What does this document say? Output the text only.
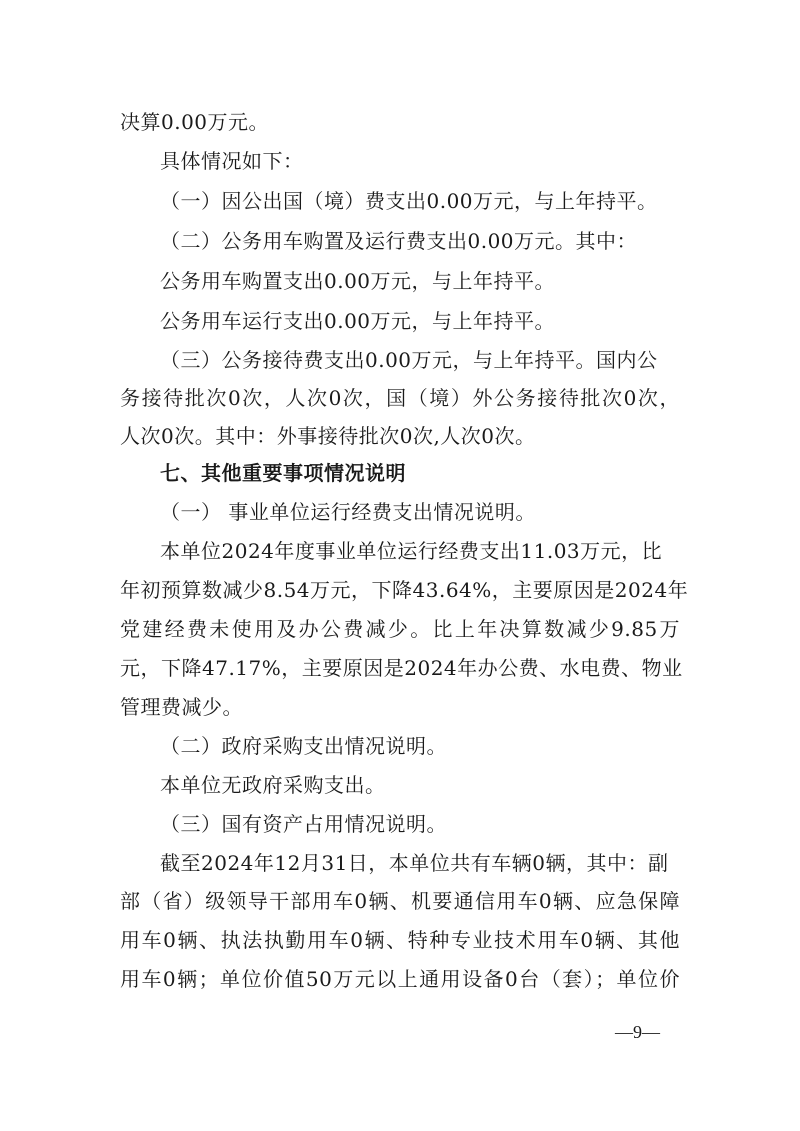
决算0.00万元。
具体情况如下：
（一）因公出国（境）费支出0.00万元，与上年持平。
（二）公务用车购置及运行费支出0.00万元。其中：
公务用车购置支出0.00万元，与上年持平。
公务用车运行支出0.00万元，与上年持平。
（三）公务接待费支出0.00万元，与上年持平。国内公
务接待批次0次，人次0次，国（境）外公务接待批次0次，
人次0次。其中：外事接待批次0次,人次0次。
七、其他重要事项情况说明
（一） 事业单位运行经费支出情况说明。
本单位2024年度事业单位运行经费支出11.03万元，比
年初预算数减少8.54万元，下降43.64%，主要原因是2024年
党建经费未使用及办公费减少。比上年决算数减少9.85万
元，下降47.17%，主要原因是2024年办公费、水电费、物业
管理费减少。
（二）政府采购支出情况说明。
本单位无政府采购支出。
（三）国有资产占用情况说明。
截至2024年12月31日，本单位共有车辆0辆，其中：副
部（省）级领导干部用车0辆、机要通信用车0辆、应急保障
用车0辆、执法执勤用车0辆、特种专业技术用车0辆、其他
用车0辆；单位价值50万元以上通用设备0台（套）；单位价
—9—
